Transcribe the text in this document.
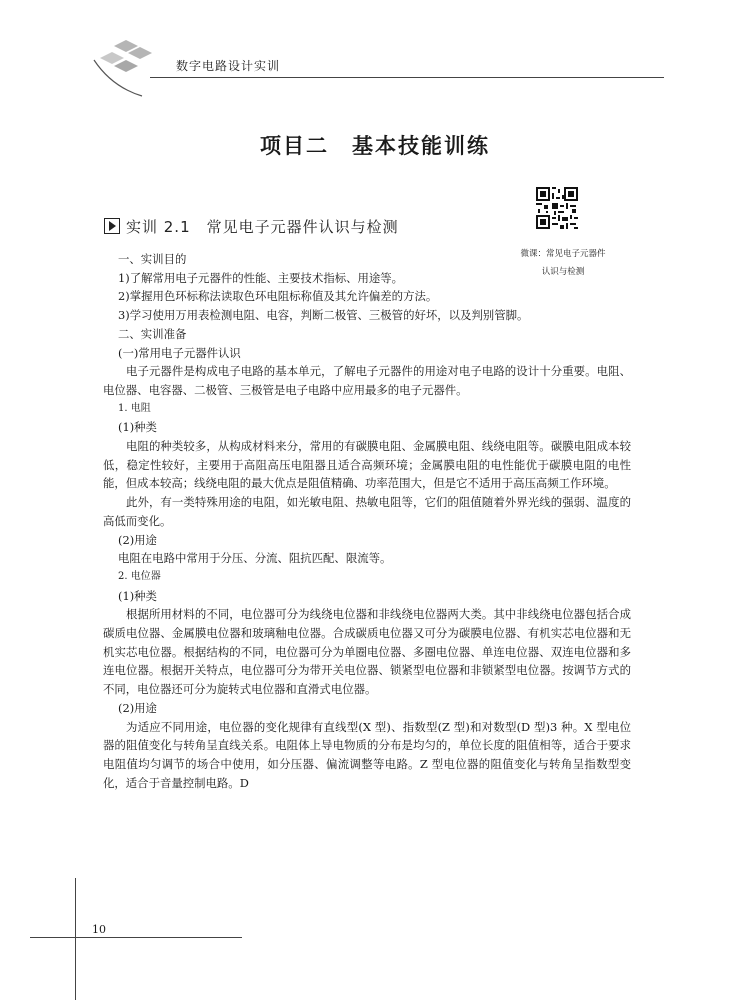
数字电路设计实训
项目二　基本技能训练
微课：常见电子元器件
认识与检测
实训 2.1　常见电子元器件认识与检测

一、实训目的

1)了解常用电子元器件的性能、主要技术指标、用途等。

2)掌握用色环标称法读取色环电阻标称值及其允许偏差的方法。

3)学习使用万用表检测电阻、电容，判断二极管、三极管的好坏，以及判别管脚。

二、实训准备

(一)常用电子元器件认识

电子元器件是构成电子电路的基本单元，了解电子元器件的用途对电子电路的设计十分重要。电阻、电位器、电容器、二极管、三极管是电子电路中应用最多的电子元器件。

1. 电阻

(1)种类

电阻的种类较多，从构成材料来分，常用的有碳膜电阻、金属膜电阻、线绕电阻等。碳膜电阻成本较低，稳定性较好，主要用于高阻高压电阻器且适合高频环境；金属膜电阻的电性能优于碳膜电阻的电性能，但成本较高；线绕电阻的最大优点是阻值精确、功率范围大，但是它不适用于高压高频工作环境。

此外，有一类特殊用途的电阻，如光敏电阻、热敏电阻等，它们的阻值随着外界光线的强弱、温度的高低而变化。

(2)用途

电阻在电路中常用于分压、分流、阻抗匹配、限流等。

2. 电位器

(1)种类

根据所用材料的不同，电位器可分为线绕电位器和非线绕电位器两大类。其中非线绕电位器包括合成碳质电位器、金属膜电位器和玻璃釉电位器。合成碳质电位器又可分为碳膜电位器、有机实芯电位器和无机实芯电位器。根据结构的不同，电位器可分为单圈电位器、多圈电位器、单连电位器、双连电位器和多连电位器。根据开关特点，电位器可分为带开关电位器、锁紧型电位器和非锁紧型电位器。按调节方式的不同，电位器还可分为旋转式电位器和直滑式电位器。

(2)用途

为适应不同用途，电位器的变化规律有直线型(X 型)、指数型(Z 型)和对数型(D 型)3 种。X 型电位器的阻值变化与转角呈直线关系。电阻体上导电物质的分布是均匀的，单位长度的阻值相等，适合于要求电阻值均匀调节的场合中使用，如分压器、偏流调整等电路。Z 型电位器的阻值变化与转角呈指数型变化，适合于音量控制电路。D

10
